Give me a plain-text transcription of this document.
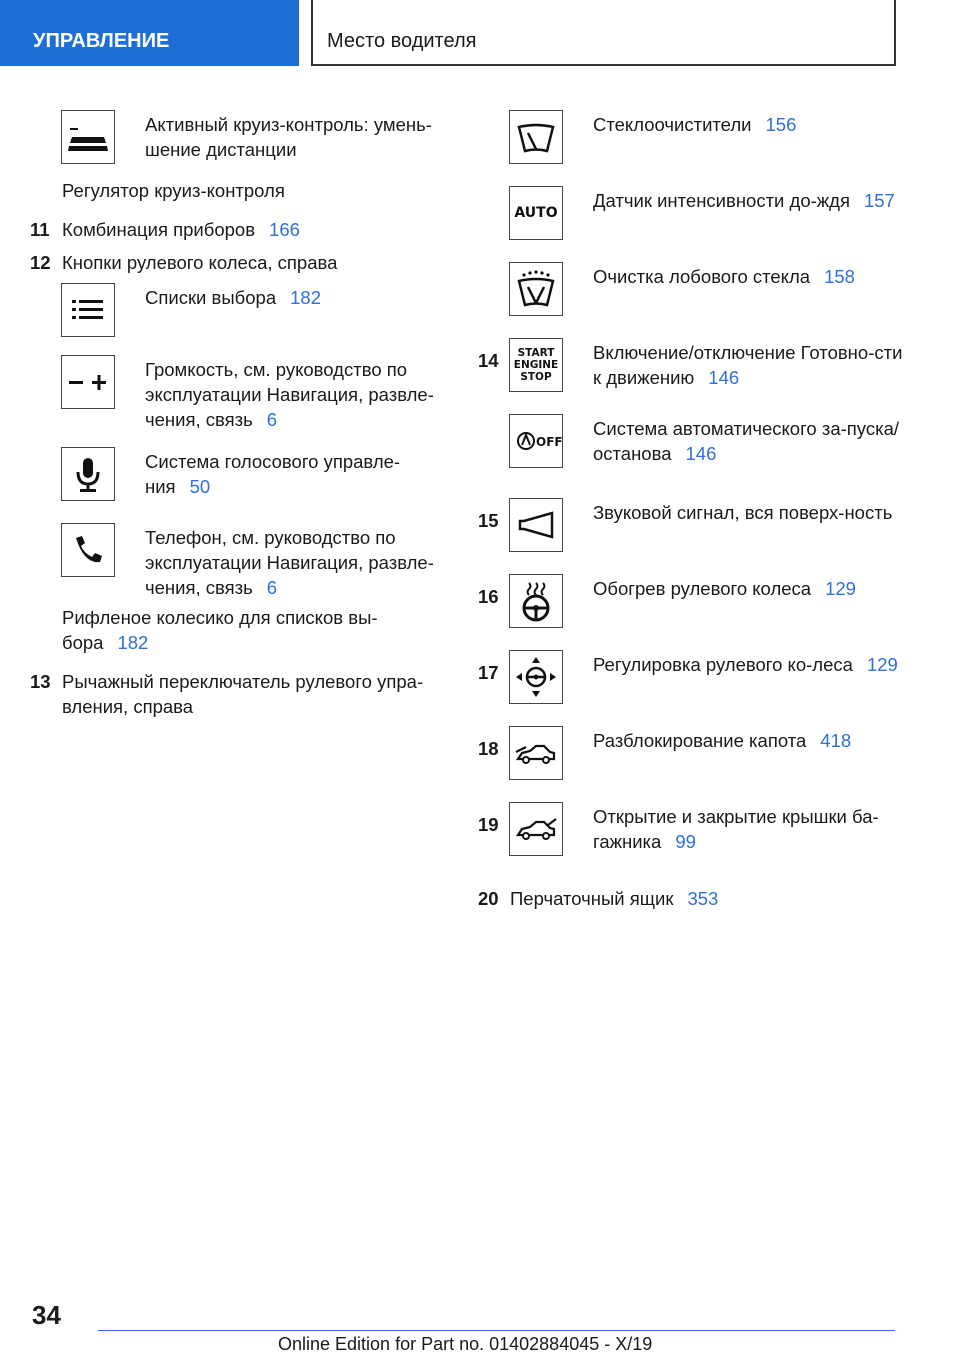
УПРАВЛЕНИЕ	Место водителя
Активный круиз-контроль: умень-шение дистанции
Регулятор круиз-контроля
11 Комбинация приборов 166
12 Кнопки рулевого колеса, справа
Списки выбора 182
Громкость, см. руководство по эксплуатации Навигация, развле-чения, связь 6
Система голосового управле-ния 50
Телефон, см. руководство по эксплуатации Навигация, развле-чения, связь 6
Рифленое колесико для списков вы-бора 182
13 Рычажный переключатель рулевого упра-вления, справа
Стеклоочистители 156
AUTO
Датчик интенсивности до-ждя 157
Очистка лобового стекла 158
14 START
ENGINE
STOP
Включение/отключение Готовно-сти к движению 146
OFF
Система автоматического за-пуска/останова 146
15	Звуковой сигнал, вся поверх-ность
16	Обогрев рулевого колеса 129
17	Регулировка рулевого ко-леса 129
18	Разблокирование капота 418
19	Открытие и закрытие крышки ба-гажника 99
20 Перчаточный ящик 353
34
Online Edition for Part no. 01402884045 - X/19
